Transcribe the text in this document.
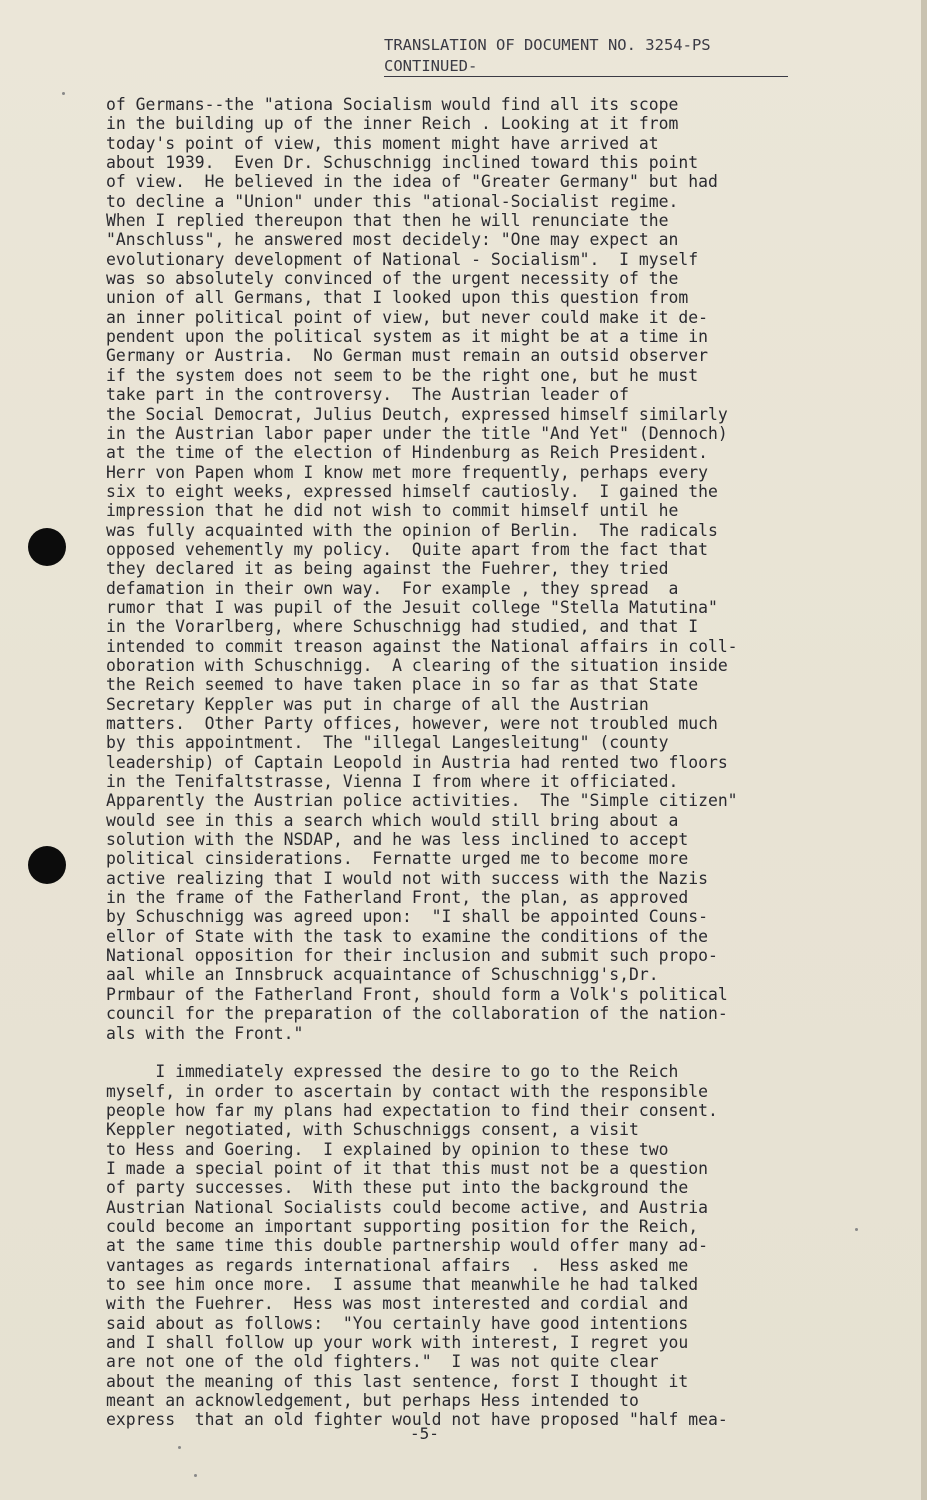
TRANSLATION OF DOCUMENT NO. 3254-PS
CONTINUED-
of Germans--the "ationa Socialism would find all its scope
in the building up of the inner Reich . Looking at it from
today's point of view, this moment might have arrived at
about 1939.  Even Dr. Schuschnigg inclined toward this point
of view.  He believed in the idea of "Greater Germany" but had
to decline a "Union" under this "ational-Socialist regime.
When I replied thereupon that then he will renunciate the
"Anschluss", he answered most decidely: "One may expect an
evolutionary development of National - Socialism".  I myself
was so absolutely convinced of the urgent necessity of the
union of all Germans, that I looked upon this question from
an inner political point of view, but never could make it de-
pendent upon the political system as it might be at a time in
Germany or Austria.  No German must remain an outsid observer
if the system does not seem to be the right one, but he must
take part in the controversy.  The Austrian leader of
the Social Democrat, Julius Deutch, expressed himself similarly
in the Austrian labor paper under the title "And Yet" (Dennoch)
at the time of the election of Hindenburg as Reich President.
Herr von Papen whom I know met more frequently, perhaps every
six to eight weeks, expressed himself cautiosly.  I gained the
impression that he did not wish to commit himself until he
was fully acquainted with the opinion of Berlin.  The radicals
opposed vehemently my policy.  Quite apart from the fact that
they declared it as being against the Fuehrer, they tried
defamation in their own way.  For example , they spread  a
rumor that I was pupil of the Jesuit college "Stella Matutina"
in the Vorarlberg, where Schuschnigg had studied, and that I
intended to commit treason against the National affairs in coll-
oboration with Schuschnigg.  A clearing of the situation inside
the Reich seemed to have taken place in so far as that State
Secretary Keppler was put in charge of all the Austrian
matters.  Other Party offices, however, were not troubled much
by this appointment.  The "illegal Langesleitung" (county
leadership) of Captain Leopold in Austria had rented two floors
in the Tenifaltstrasse, Vienna I from where it officiated.
Apparently the Austrian police activities.  The "Simple citizen"
would see in this a search which would still bring about a
solution with the NSDAP, and he was less inclined to accept
political cinsiderations.  Fernatte urged me to become more
active realizing that I would not with success with the Nazis
in the frame of the Fatherland Front, the plan, as approved
by Schuschnigg was agreed upon:  "I shall be appointed Couns-
ellor of State with the task to examine the conditions of the
National opposition for their inclusion and submit such propo-
aal while an Innsbruck acquaintance of Schuschnigg's,Dr.
Prmbaur of the Fatherland Front, should form a Volk's political
council for the preparation of the collaboration of the nation-
als with the Front."
I immediately expressed the desire to go to the Reich
myself, in order to ascertain by contact with the responsible
people how far my plans had expectation to find their consent.
Keppler negotiated, with Schuschniggs consent, a visit
to Hess and Goering.  I explained by opinion to these two
I made a special point of it that this must not be a question
of party successes.  With these put into the background the
Austrian National Socialists could become active, and Austria
could become an important supporting position for the Reich,
at the same time this double partnership would offer many ad-
vantages as regards international affairs  .  Hess asked me
to see him once more.  I assume that meanwhile he had talked
with the Fuehrer.  Hess was most interested and cordial and
said about as follows:  "You certainly have good intentions
and I shall follow up your work with interest, I regret you
are not one of the old fighters."  I was not quite clear
about the meaning of this last sentence, forst I thought it
meant an acknowledgement, but perhaps Hess intended to
express  that an old fighter would not have proposed "half mea-
-5-
